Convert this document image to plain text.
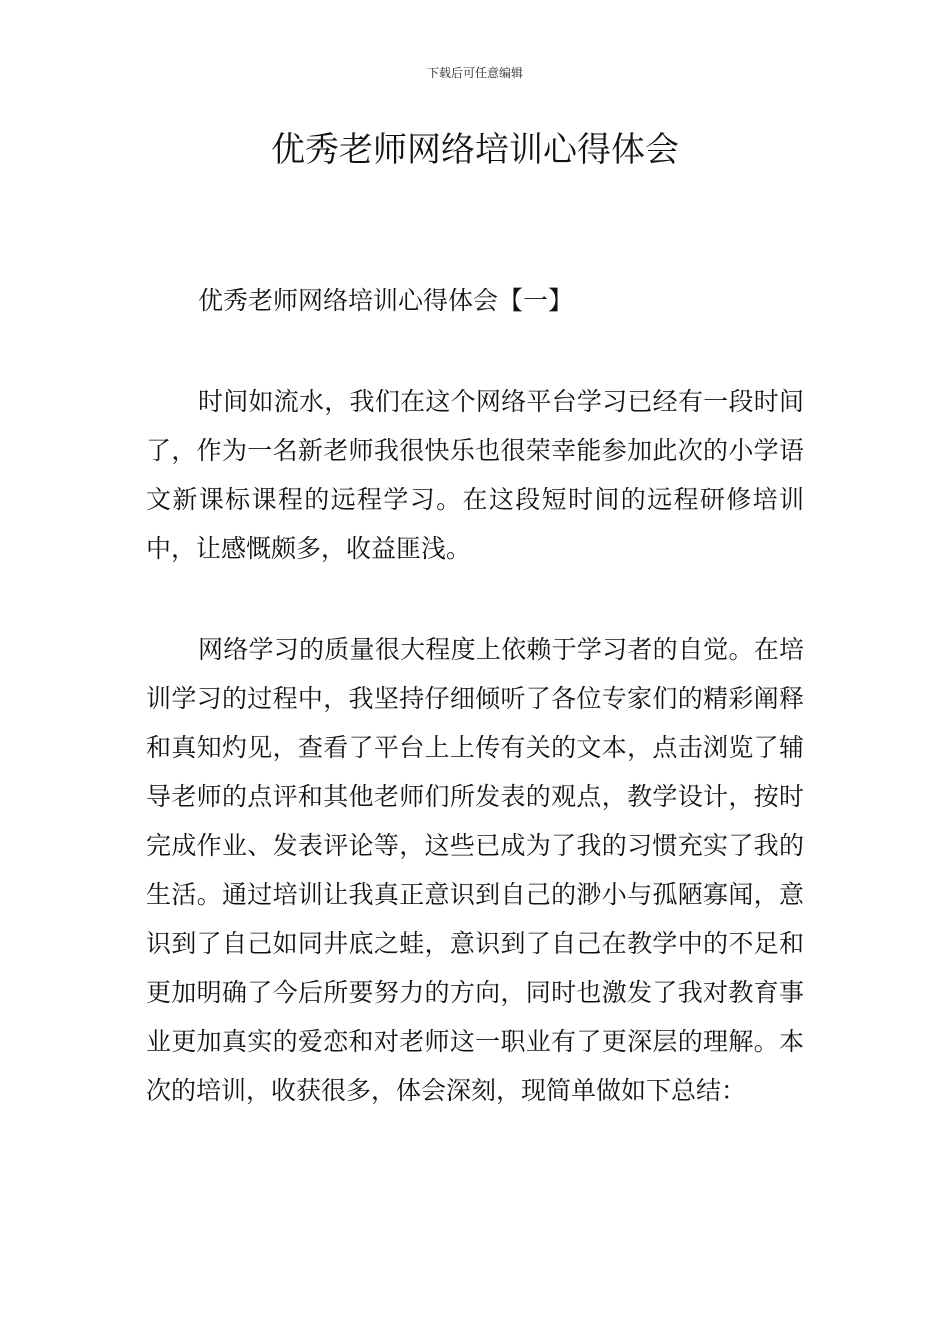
下载后可任意编辑
优秀老师网络培训心得体会
优秀老师网络培训心得体会【一】

时间如流水，我们在这个网络平台学习已经有一段时间了，作为一名新老师我很快乐也很荣幸能参加此次的小学语文新课标课程的远程学习。在这段短时间的远程研修培训中，让感慨颇多，收益匪浅。

网络学习的质量很大程度上依赖于学习者的自觉。在培训学习的过程中，我坚持仔细倾听了各位专家们的精彩阐释和真知灼见，查看了平台上上传有关的文本，点击浏览了辅导老师的点评和其他老师们所发表的观点，教学设计，按时完成作业、发表评论等，这些已成为了我的习惯充实了我的生活。通过培训让我真正意识到自己的渺小与孤陋寡闻，意识到了自己如同井底之蛙，意识到了自己在教学中的不足和更加明确了今后所要努力的方向，同时也激发了我对教育事业更加真实的爱恋和对老师这一职业有了更深层的理解。本次的培训，收获很多，体会深刻，现简单做如下总结：
